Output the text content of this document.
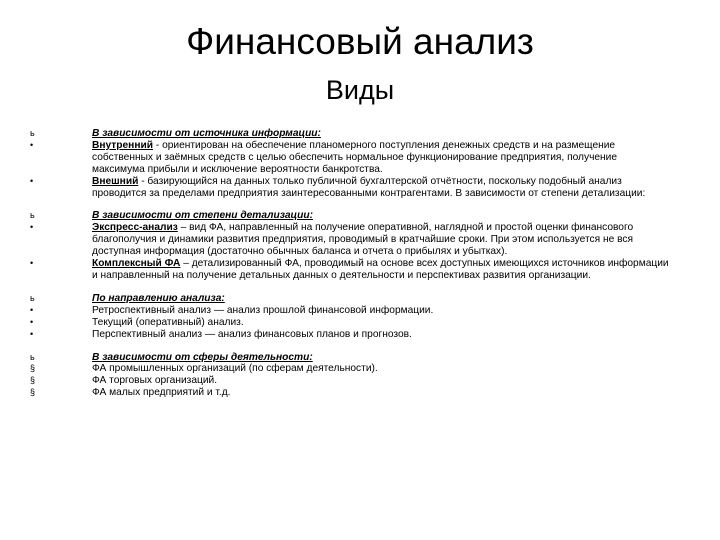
Финансовый анализ
Виды
ь	В зависимости от источника информации:
•	Внутренний - ориентирован на обеспечение планомерного поступления денежных средств и на размещение собственных и заёмных средств с целью обеспечить нормальное функционирование предприятия, получение максимума прибыли и исключение вероятности банкротства.
•	Внешний - базирующийся на данных только публичной бухгалтерской отчётности, поскольку подобный анализ проводится за пределами предприятия заинтересованными контрагентами. В зависимости от степени детализации:
ь	В зависимости от степени детализации:
•	Экспресс-анализ – вид ФА, направленный на получение оперативной, наглядной и простой оценки финансового благополучия и динамики развития предприятия, проводимый в кратчайшие сроки. При этом используется не вся доступная информация (достаточно обычных баланса и отчета о прибылях и убытках).
•	Комплексный ФА – детализированный ФА, проводимый на основе всех доступных имеющихся источников информации и направленный на получение детальных данных о деятельности и перспективах развития организации.
ь	По направлению анализа:
•	Ретроспективный анализ — анализ прошлой финансовой информации.
•	Текущий (оперативный) анализ.
•	Перспективный анализ — анализ финансовых планов и прогнозов.
ь	В зависимости от сферы деятельности:
§	ФА промышленных организаций (по сферам деятельности).
§	ФА торговых организаций.
§	ФА малых предприятий и т.д.
